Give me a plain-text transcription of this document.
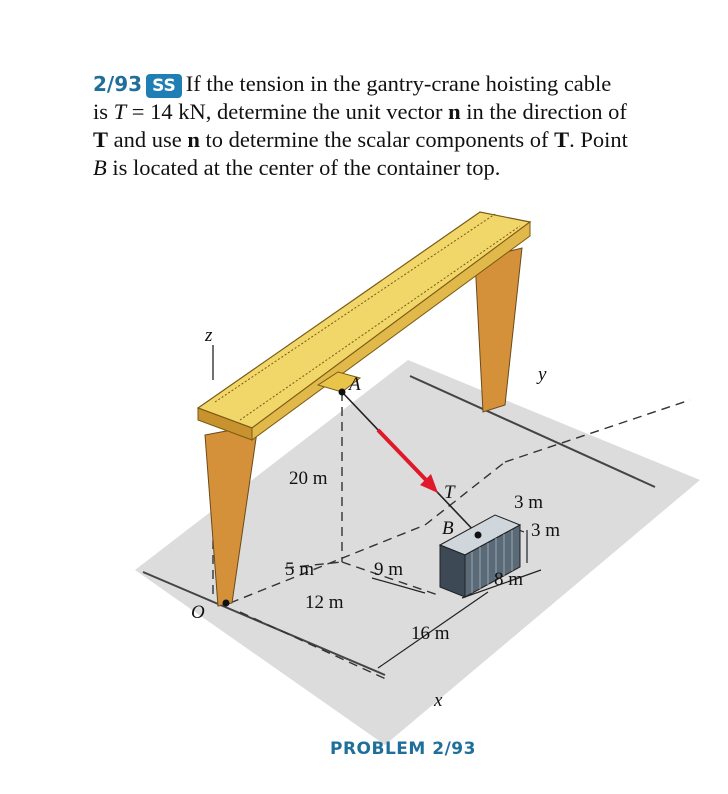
2/93 SS If the tension in the gantry-crane hoisting cable
is T = 14 kN, determine the unit vector n in the direction of
T and use n to determine the scalar components of T. Point
B is located at the center of the container top.
z
y
x
O
A
B
T
20 m
5 m
12 m
9 m
16 m
3 m
3 m
8 m
PROBLEM 2/93
